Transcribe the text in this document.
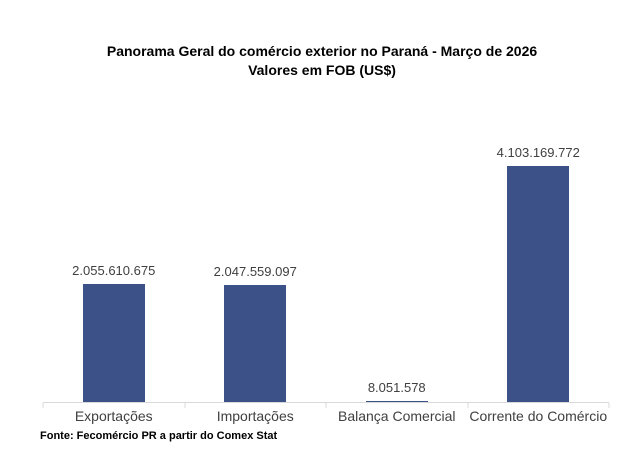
Panorama Geral do comércio exterior no Paraná - Março de 2026
Valores em FOB (US$)
2.055.610.675	2.047.559.097
8.051.578
4.103.169.772
Exportações	Importações	Balança Comercial Corrente do Comércio
Fonte: Fecomércio PR a partir do Comex Stat
